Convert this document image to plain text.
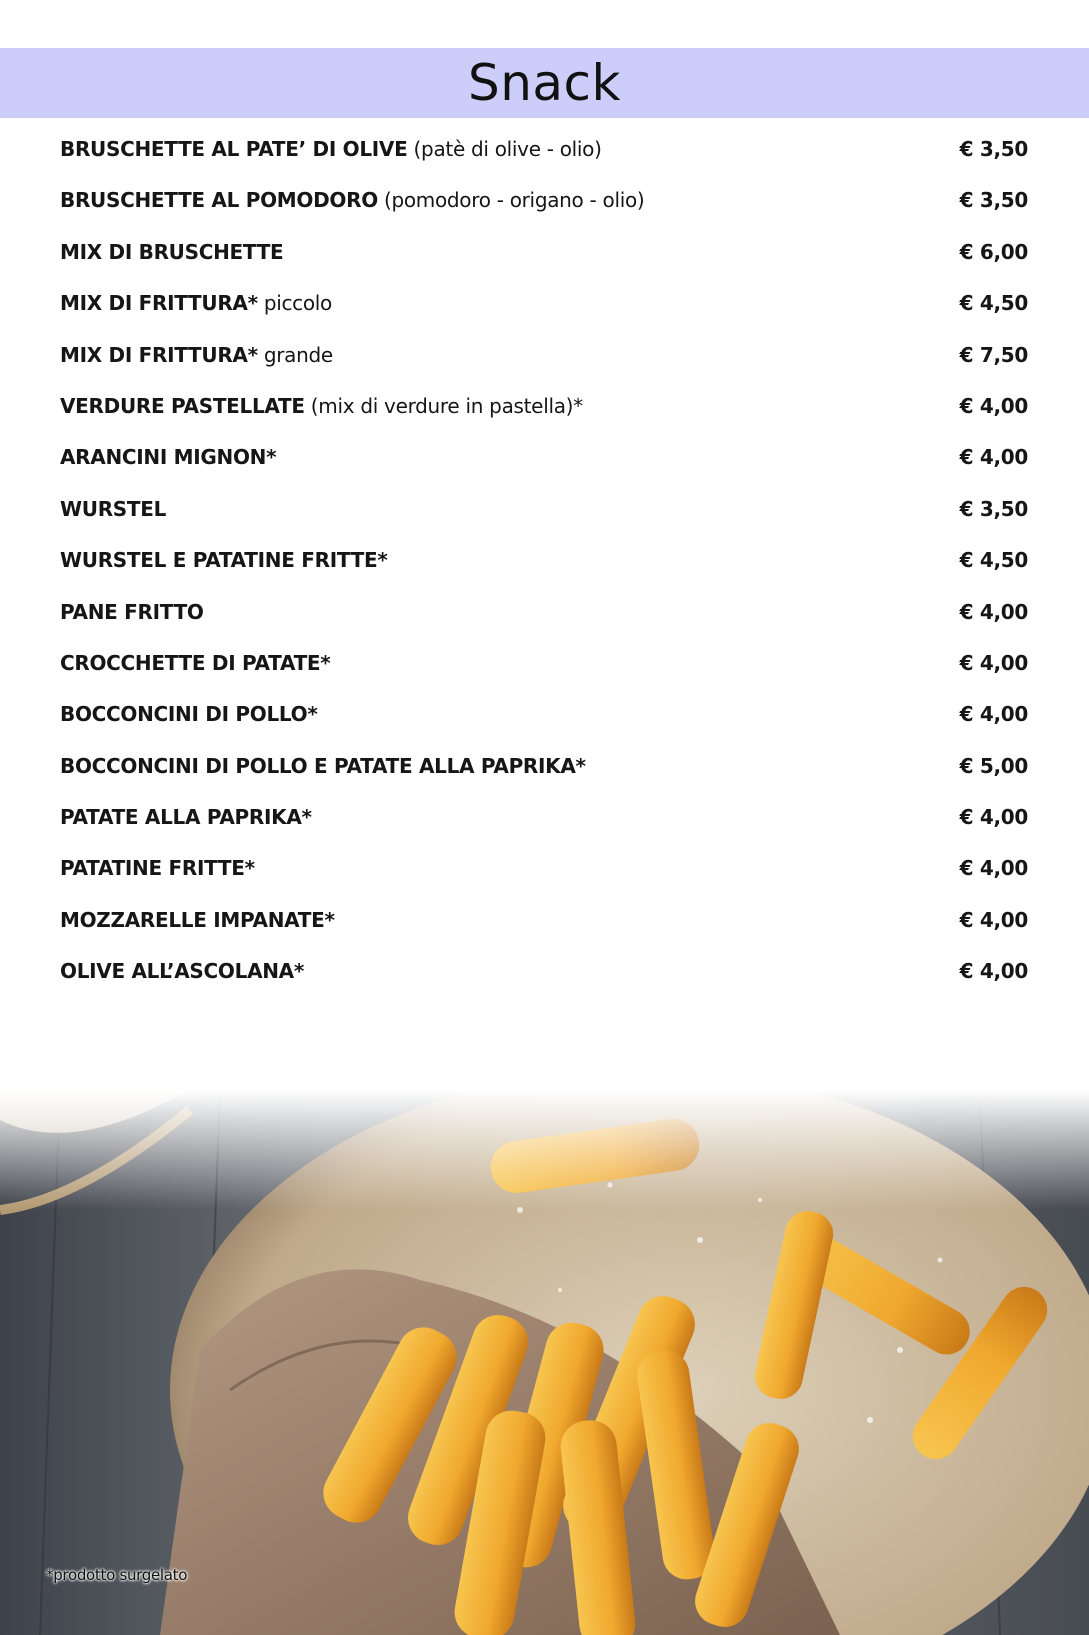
Snack
BRUSCHETTE AL PATE’ DI OLIVE (patè di olive - olio)	€ 3,50
BRUSCHETTE AL POMODORO (pomodoro - origano - olio)	€ 3,50
MIX DI BRUSCHETTE	€ 6,00
MIX DI FRITTURA* piccolo	€ 4,50
MIX DI FRITTURA* grande	€ 7,50
VERDURE PASTELLATE (mix di verdure in pastella)*	€ 4,00
ARANCINI MIGNON*	€ 4,00
WURSTEL	€ 3,50
WURSTEL E PATATINE FRITTE*	€ 4,50
PANE FRITTO	€ 4,00
CROCCHETTE DI PATATE*	€ 4,00
BOCCONCINI DI POLLO*	€ 4,00
BOCCONCINI DI POLLO E PATATE ALLA PAPRIKA*	€ 5,00
PATATE ALLA PAPRIKA*	€ 4,00
PATATINE FRITTE*	€ 4,00
MOZZARELLE IMPANATE*	€ 4,00
OLIVE ALL’ASCOLANA*	€ 4,00
*prodotto surgelato
